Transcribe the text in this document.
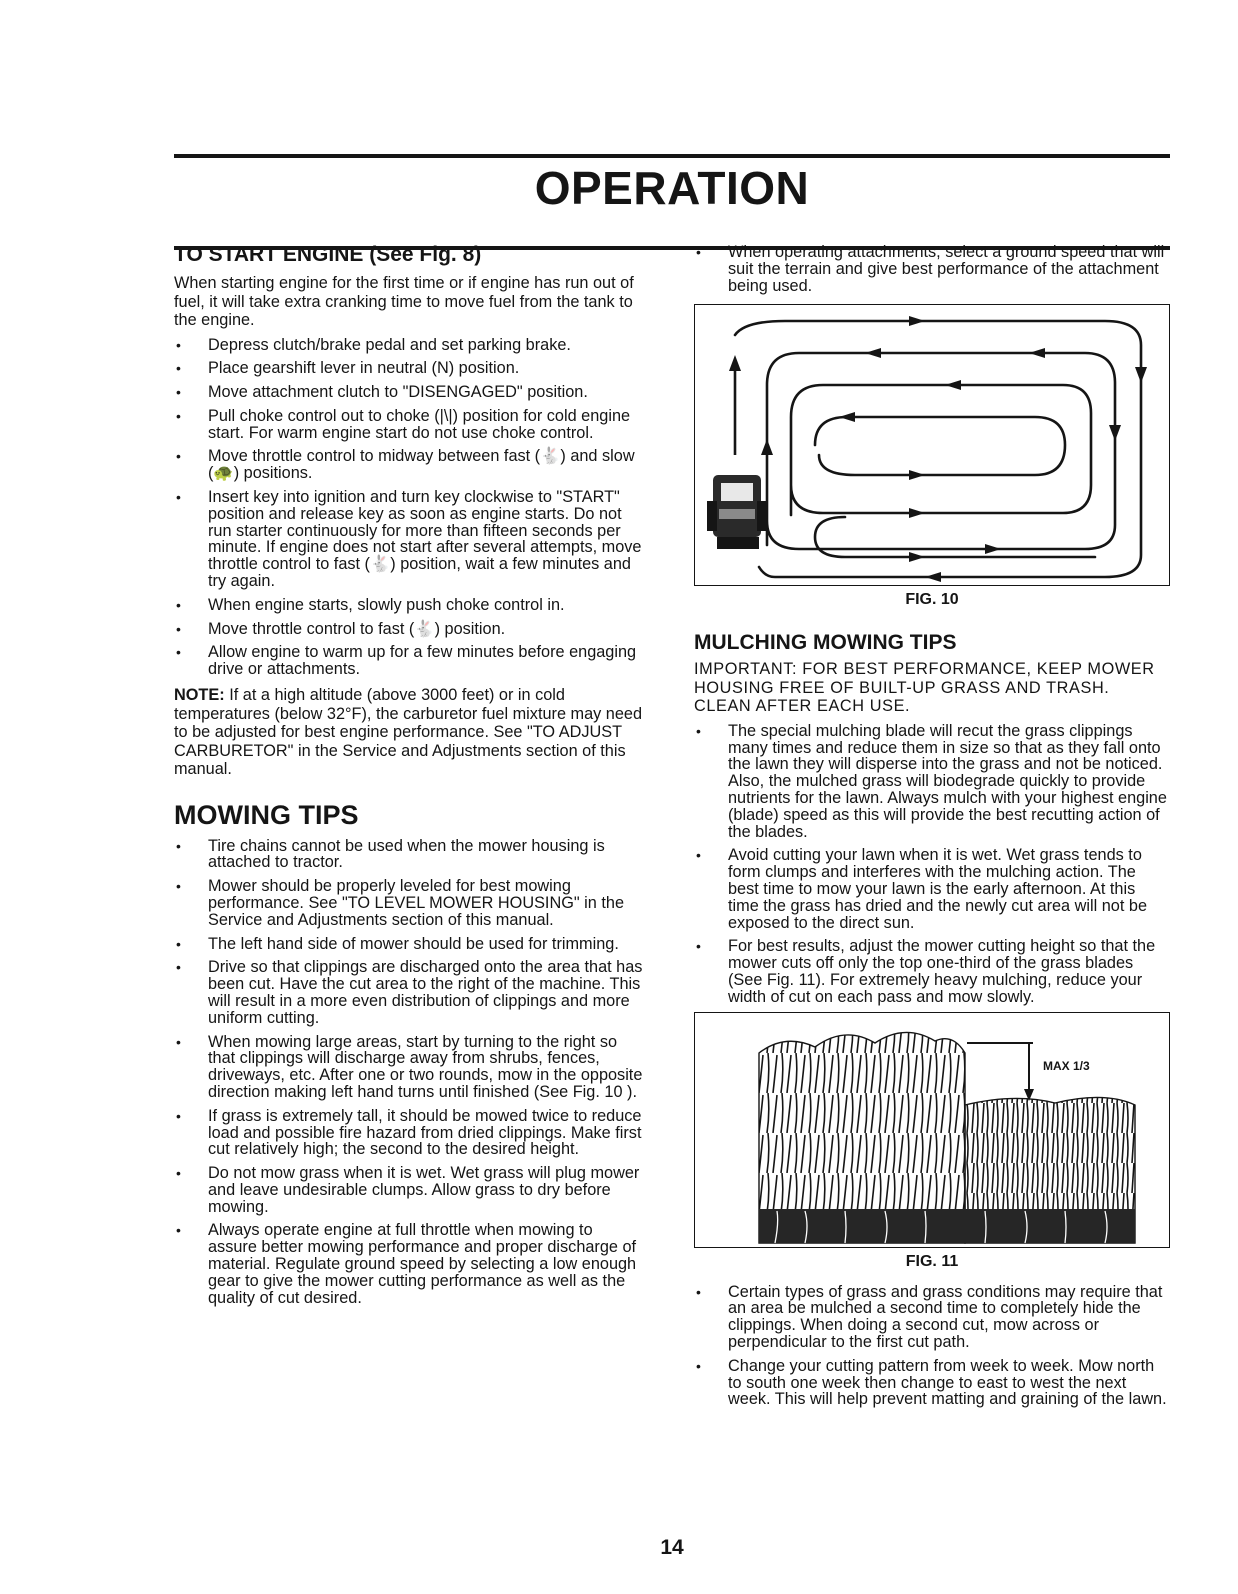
OPERATION
TO START ENGINE (See Fig. 8)

When starting engine for the first time or if engine has run out of fuel, it will take extra cranking time to move fuel from the tank to the engine.

• Depress clutch/brake pedal and set parking brake.
• Place gearshift lever in neutral (N) position.
• Move attachment clutch to "DISENGAGED" position.
• Pull choke control out to choke (|\|) position for cold engine start. For warm engine start do not use choke control.
• Move throttle control to midway between fast (🐇) and slow (🐢) positions.
• Insert key into ignition and turn key clockwise to "START" position and release key as soon as engine starts. Do not run starter continuously for more than fifteen seconds per minute. If engine does not start after several attempts, move throttle control to fast (🐇) position, wait a few minutes and try again.
• When engine starts, slowly push choke control in.
• Move throttle control to fast (🐇) position.
• Allow engine to warm up for a few minutes before engaging drive or attachments.

NOTE: If at a high altitude (above 3000 feet) or in cold temperatures (below 32°F), the carburetor fuel mixture may need to be adjusted for best engine performance. See "TO ADJUST CARBURETOR" in the Service and Adjustments section of this manual.

MOWING TIPS
• Tire chains cannot be used when the mower housing is attached to tractor.
• Mower should be properly leveled for best mowing performance. See "TO LEVEL MOWER HOUSING" in the Service and Adjustments section of this manual.
• The left hand side of mower should be used for trimming.
• Drive so that clippings are discharged onto the area that has been cut. Have the cut area to the right of the machine. This will result in a more even distribution of clippings and more uniform cutting.
• When mowing large areas, start by turning to the right so that clippings will discharge away from shrubs, fences, driveways, etc. After one or two rounds, mow in the opposite direction making left hand turns until finished (See Fig. 10 ).
• If grass is extremely tall, it should be mowed twice to reduce load and possible fire hazard from dried clippings. Make first cut relatively high; the second to the desired height.
• Do not mow grass when it is wet. Wet grass will plug mower and leave undesirable clumps. Allow grass to dry before mowing.
• Always operate engine at full throttle when mowing to assure better mowing performance and proper discharge of material. Regulate ground speed by selecting a low enough gear to give the mower cutting performance as well as the quality of cut desired.
• When operating attachments, select a ground speed that will suit the terrain and give best performance of the attachment being used.
FIG. 10
MULCHING MOWING TIPS

IMPORTANT: FOR BEST PERFORMANCE, KEEP MOWER HOUSING FREE OF BUILT-UP GRASS AND TRASH. CLEAN AFTER EACH USE.

• The special mulching blade will recut the grass clippings many times and reduce them in size so that as they fall onto the lawn they will disperse into the grass and not be noticed. Also, the mulched grass will biodegrade quickly to provide nutrients for the lawn. Always mulch with your highest engine (blade) speed as this will provide the best recutting action of the blades.
• Avoid cutting your lawn when it is wet. Wet grass tends to form clumps and interferes with the mulching action. The best time to mow your lawn is the early afternoon. At this time the grass has dried and the newly cut area will not be exposed to the direct sun.
• For best results, adjust the mower cutting height so that the mower cuts off only the top one-third of the grass blades (See Fig. 11). For extremely heavy mulching, reduce your width of cut on each pass and mow slowly.
MAX 1/3
FIG. 11
• Certain types of grass and grass conditions may require that an area be mulched a second time to completely hide the clippings. When doing a second cut, mow across or perpendicular to the first cut path.
• Change your cutting pattern from week to week. Mow north to south one week then change to east to west the next week. This will help prevent matting and graining of the lawn.
14
